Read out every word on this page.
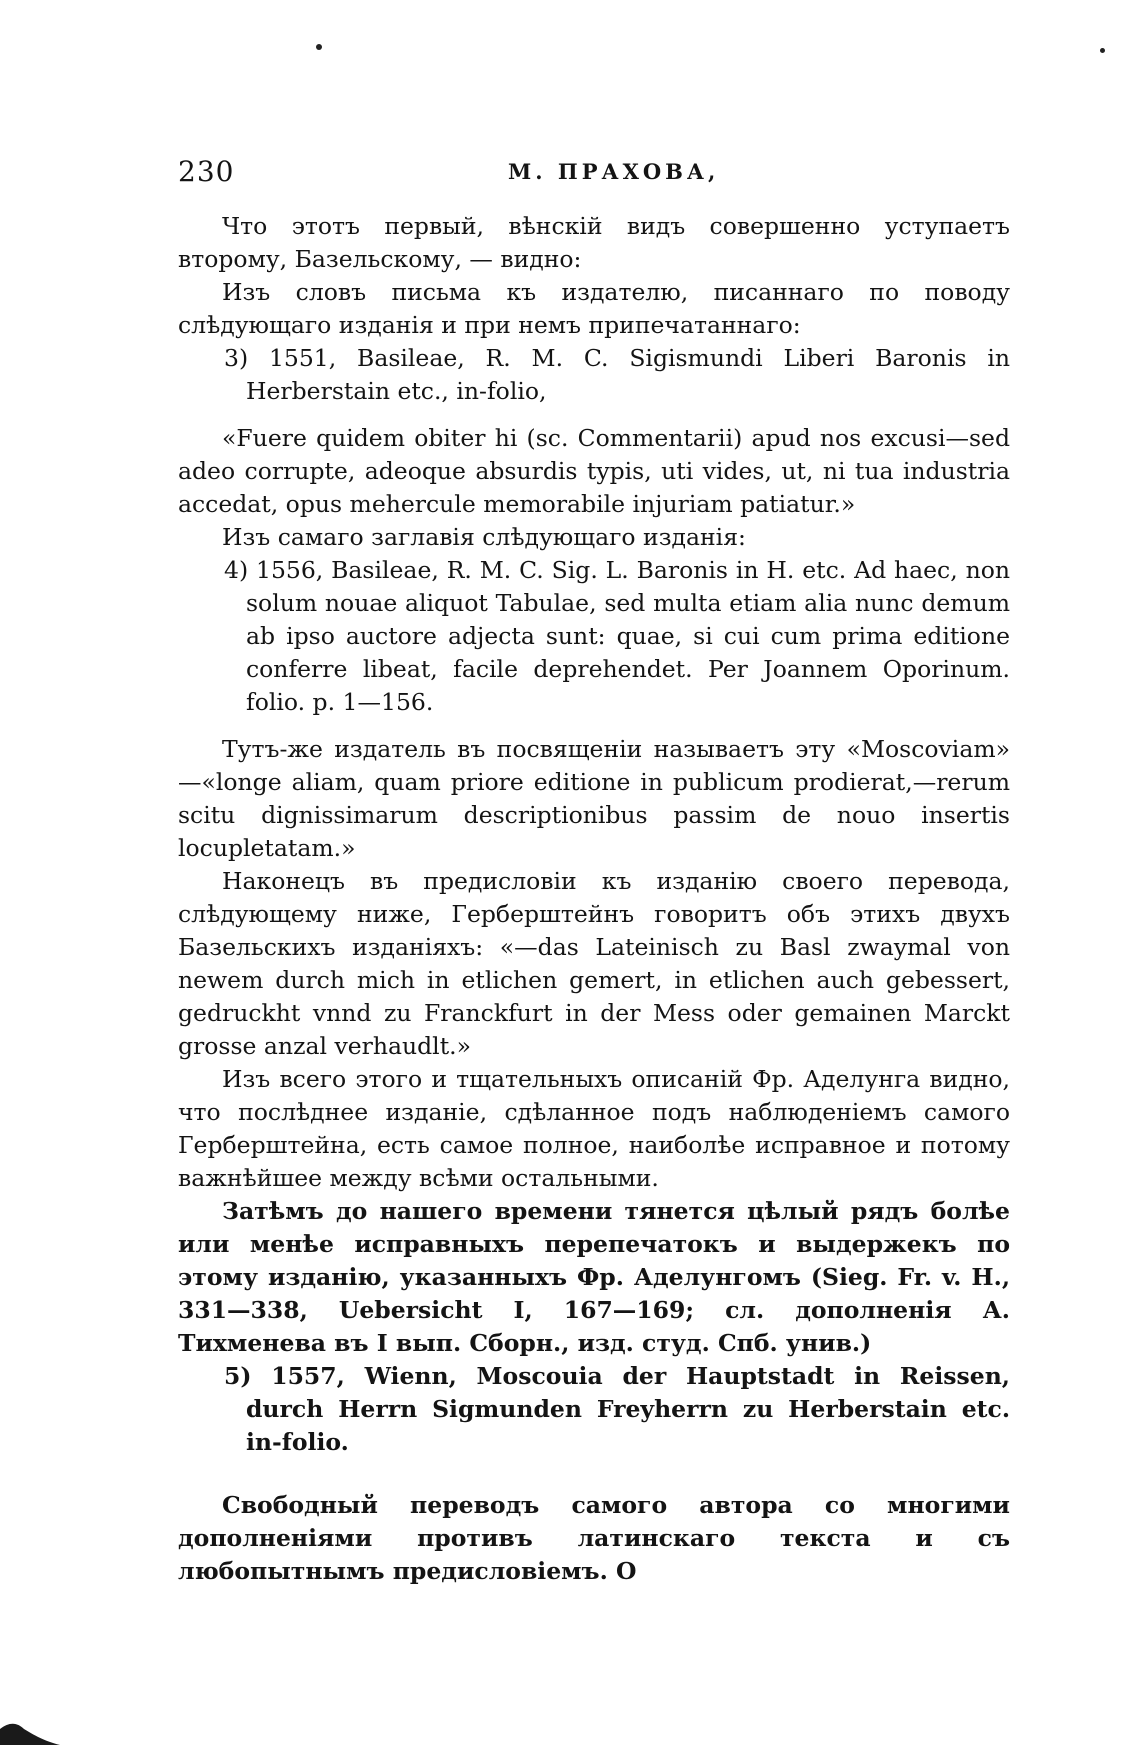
230	М. ПРАХОВА,

Что этотъ первый, вѣнскій видъ совершенно уступаетъ второму, Базельскому, — видно:

Изъ словъ письма къ издателю, писаннаго по поводу слѣдующаго изданія и при немъ припечатаннаго:

3) 1551, Basileae, R. M. C. Sigismundi Liberi Baronis in Herberstain etc., in-folio,

«Fuere quidem obiter hi (sc. Commentarii) apud nos excusi—sed adeo corrupte, adeoque absurdis typis, uti vides, ut, ni tua industria accedat, opus mehercule memorabile injuriam patiatur.»

Изъ самаго заглавія слѣдующаго изданія:

4) 1556, Basileae, R. M. C. Sig. L. Baronis in H. etc. Ad haec, non solum nouae aliquot Tabulae, sed multa etiam alia nunc demum ab ipso auctore adjecta sunt: quae, si cui cum prima editione conferre libeat, facile deprehendet. Per Joannem Oporinum. folio. p. 1—156.

Тутъ-же издатель въ посвященіи называетъ эту «Moscoviam» —«longe aliam, quam priore editione in publicum prodierat,—rerum scitu dignissimarum descriptionibus passim de nouo insertis locupletatam.»

Наконецъ въ предисловіи къ изданію своего перевода, слѣдующему ниже, Герберштейнъ говоритъ объ этихъ двухъ Базельскихъ изданіяхъ: «—das Lateinisch zu Basl zwaymal von newem durch mich in etlichen gemert, in etlichen auch gebessert, gedruckht vnnd zu Franckfurt in der Mess oder gemainen Marckt grosse anzal verhaudlt.»

Изъ всего этого и тщательныхъ описаній Фр. Аделунга видно, что послѣднее изданіе, сдѣланное подъ наблюденіемъ самого Герберштейна, есть самое полное, наиболѣе исправное и потому важнѣйшее между всѣми остальными.

Затѣмъ до нашего времени тянется цѣлый рядъ болѣе или менѣе исправныхъ перепечатокъ и выдержекъ по этому изданію, указанныхъ Фр. Аделунгомъ (Sieg. Fr. v. H., 331—338, Uebersicht I, 167—169; сл. дополненія А. Тихменева въ I вып. Сборн., изд. студ. Спб. унив.)

5) 1557, Wienn, Moscouia der Hauptstadt in Reissen, durch Herrn Sigmunden Freyherrn zu Herberstain etc. in-folio.

Свободный переводъ самого автора со многими дополненіями противъ латинскаго текста и съ любопытнымъ предисловіемъ. О
